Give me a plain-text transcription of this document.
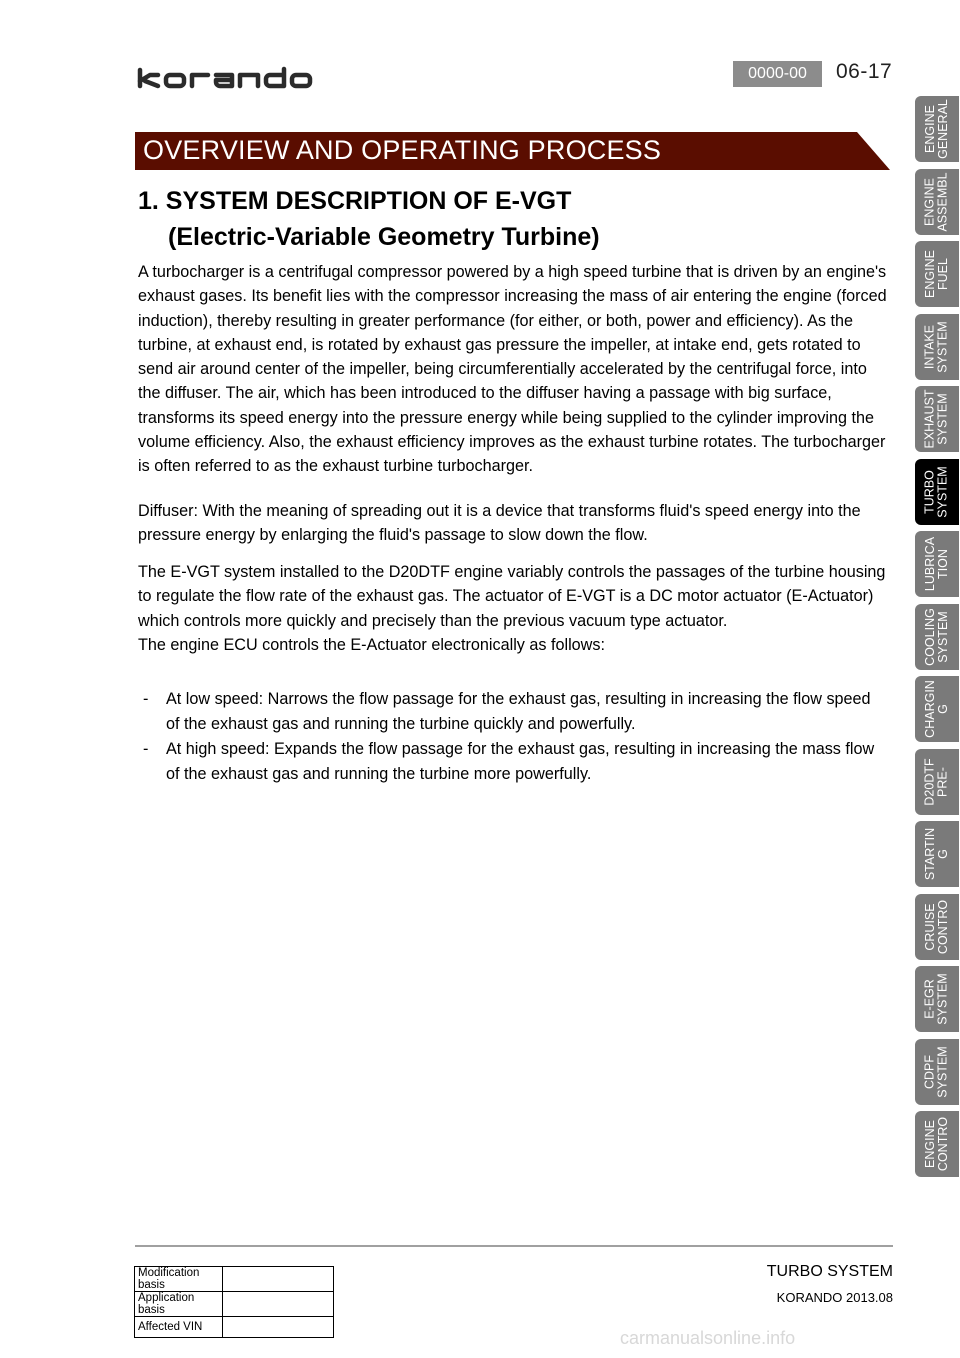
0000-00	06-17
OVERVIEW AND OPERATING PROCESS
1. SYSTEM DESCRIPTION OF E-VGT
(Electric-Variable Geometry Turbine)

A turbocharger is a centrifugal compressor powered by a high speed turbine that is driven by an engine's exhaust gases. Its benefit lies with the compressor increasing the mass of air entering the engine (forced induction), thereby resulting in greater performance (for either, or both, power and efficiency). As the turbine, at exhaust end, is rotated by exhaust gas pressure the impeller, at intake end, gets rotated to send air around center of the impeller, being circumferentially accelerated by the centrifugal force, into the diffuser. The air, which has been introduced to the diffuser having a passage with big surface, transforms its speed energy into the pressure energy while being supplied to the cylinder improving the volume efficiency. Also, the exhaust efficiency improves as the exhaust turbine rotates. The turbocharger is often referred to as the exhaust turbine turbocharger.

Diffuser: With the meaning of spreading out it is a device that transforms fluid's speed energy into the pressure energy by enlarging the fluid's passage to slow down the flow.

The E-VGT system installed to the D20DTF engine variably controls the passages of the turbine housing to regulate the flow rate of the exhaust gas. The actuator of E-VGT is a DC motor actuator (E-Actuator) which controls more quickly and precisely than the previous vacuum type actuator.
The engine ECU controls the E-Actuator electronically as follows:
- At low speed: Narrows the flow passage for the exhaust gas, resulting in increasing the flow speed of the exhaust gas and running the turbine quickly and powerfully.
- At high speed: Expands the flow passage for the exhaust gas, resulting in increasing the mass flow of the exhaust gas and running the turbine more powerfully.
ENGINE
GENERAL
ENGINE
ASSEMBL
ENGINE
FUEL
INTAKE
SYSTEM
EXHAUST
SYSTEM
TURBO
SYSTEM
LUBRICA
TION
COOLING
SYSTEM
CHARGIN
G
D20DTF
PRE-
STARTIN
G
CRUISE
CONTRO
E-EGR
SYSTEM
CDPF
SYSTEM
ENGINE
CONTRO
Modification basis	
Application basis	
Affected VIN	
TURBO SYSTEM
KORANDO 2013.08
carmanualsonline.info
